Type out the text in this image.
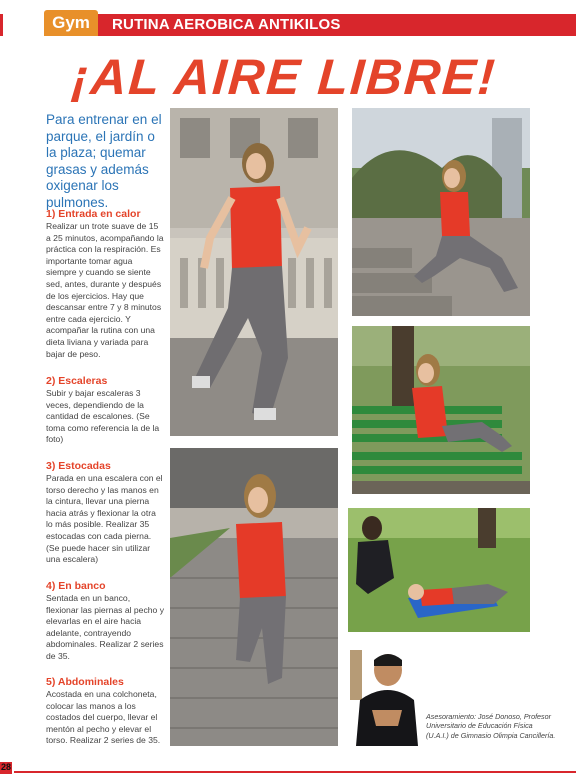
Gym	RUTINA AEROBICA ANTIKILOS
¡AL AIRE LIBRE!
Para entrenar en el parque, el jardín o la plaza; quemar grasas y además oxigenar los pulmones.
1) Entrada en calor
Realizar un trote suave de 15 a 25 minutos, acompañando la práctica con la respiración. Es importante tomar agua siempre y cuando se siente sed, antes, durante y después de los ejercicios. Hay que descansar entre 7 y 8 minutos entre cada ejercicio. Y acompañar la rutina con una dieta liviana y variada para bajar de peso.
2) Escaleras
Subir y bajar escaleras 3 veces, dependiendo de la cantidad de escalones. (Se toma como referencia la de la foto)
3) Estocadas
Parada en una escalera con el torso derecho y las manos en la cintura, llevar una pierna hacia atrás y flexionar la otra lo más posible. Realizar 35 estocadas con cada pierna. (Se puede hacer sin utilizar una escalera)
4) En banco
Sentada en un banco, flexionar las piernas al pecho y elevarlas en el aire hacia adelante, contrayendo abdominales. Realizar 2 series de 35.
5) Abdominales
Acostada en una colchoneta, colocar las manos a los costados del cuerpo, llevar el mentón al pecho y elevar el torso. Realizar 2 series de 35.
Asesoramiento: José Donoso, Profesor Universitario de Educación Física (U.A.I.) de Gimnasio Olimpia Cancillería.
28
